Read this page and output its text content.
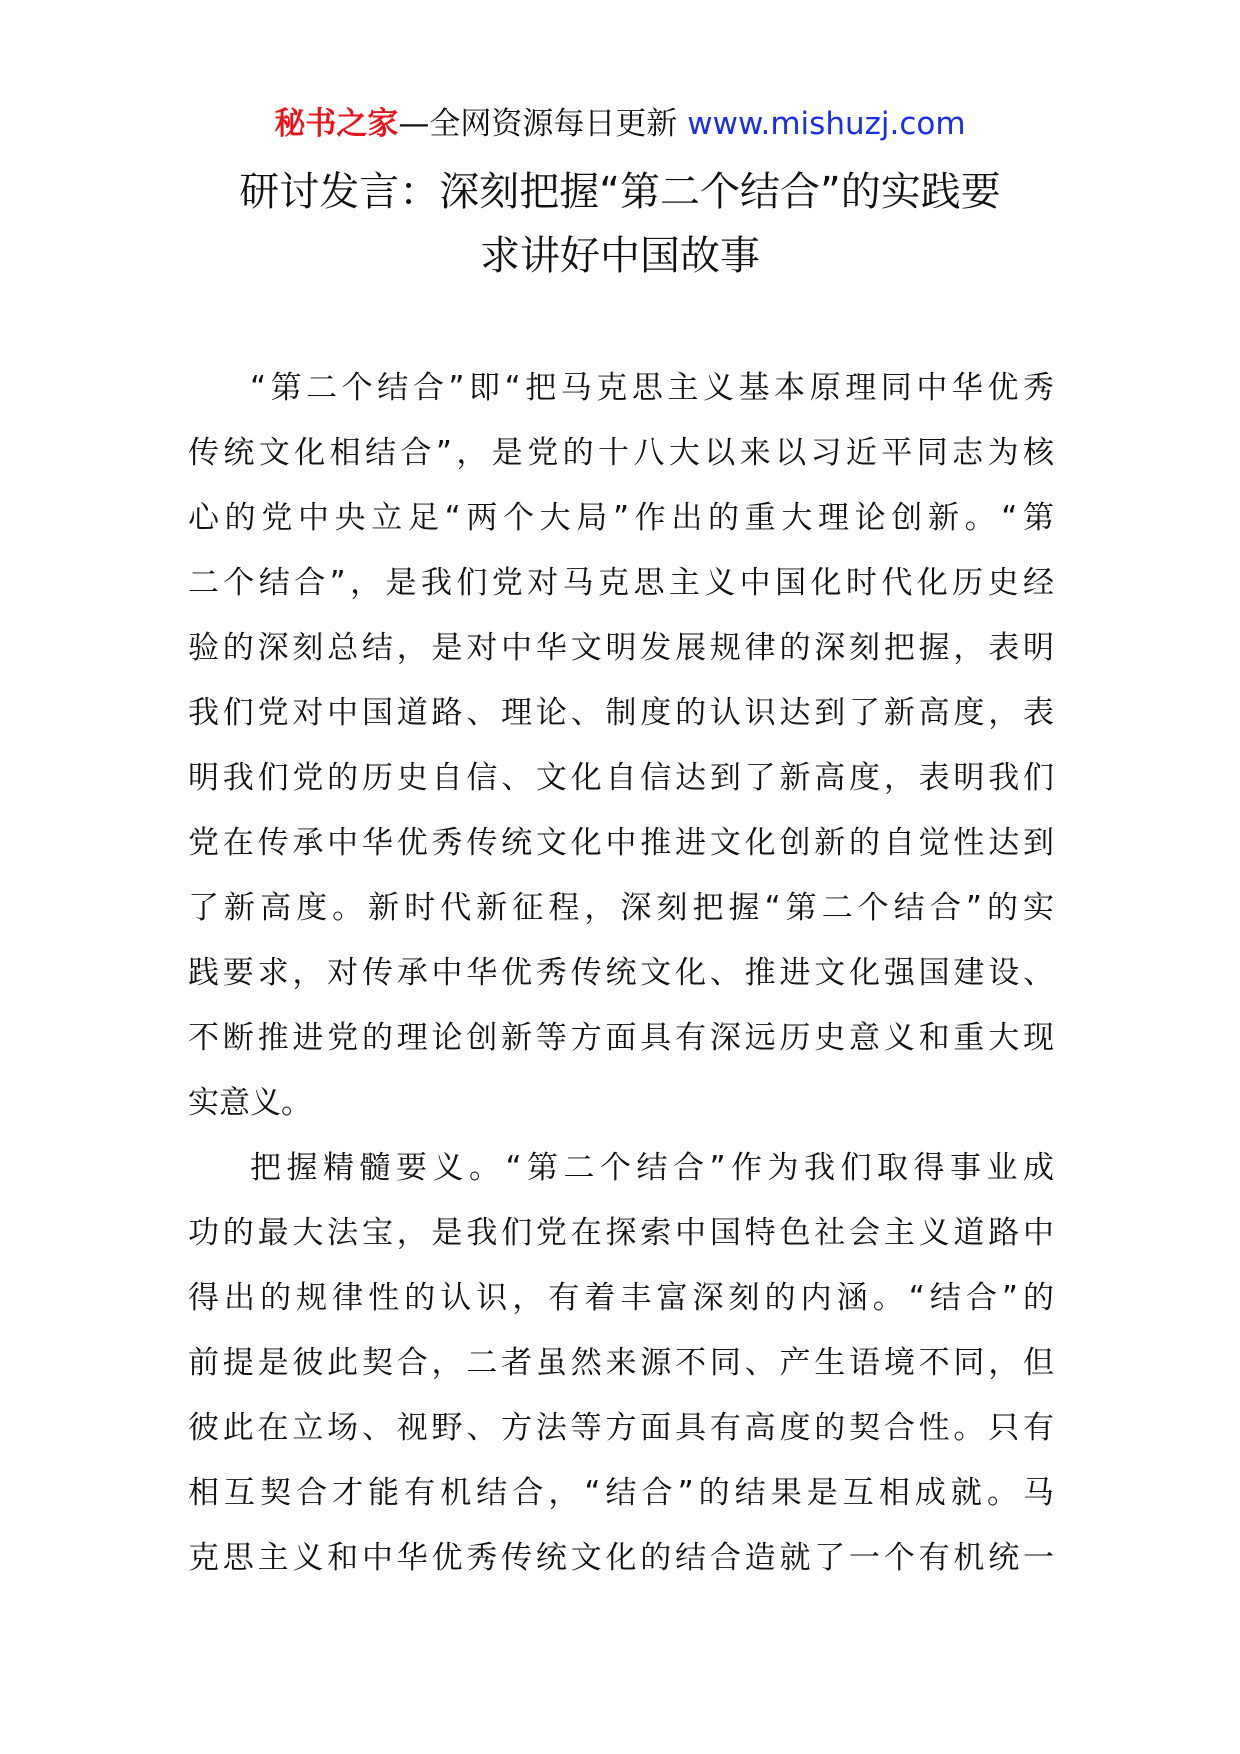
秘书之家—全网资源每日更新 www.mishuzj.com
研讨发言：深刻把握“第二个结合”的实践要
求讲好中国故事
“第二个结合”即“把马克思主义基本原理同中华优秀
传统文化相结合”，是党的十八大以来以习近平同志为核
心的党中央立足“两个大局”作出的重大理论创新。“第
二个结合”，是我们党对马克思主义中国化时代化历史经
验的深刻总结，是对中华文明发展规律的深刻把握，表明
我们党对中国道路、理论、制度的认识达到了新高度，表
明我们党的历史自信、文化自信达到了新高度，表明我们
党在传承中华优秀传统文化中推进文化创新的自觉性达到
了新高度。新时代新征程，深刻把握“第二个结合”的实
践要求，对传承中华优秀传统文化、推进文化强国建设、
不断推进党的理论创新等方面具有深远历史意义和重大现
实意义。
把握精髓要义。“第二个结合”作为我们取得事业成
功的最大法宝，是我们党在探索中国特色社会主义道路中
得出的规律性的认识，有着丰富深刻的内涵。“结合”的
前提是彼此契合，二者虽然来源不同、产生语境不同，但
彼此在立场、视野、方法等方面具有高度的契合性。只有
相互契合才能有机结合，“结合”的结果是互相成就。马
克思主义和中华优秀传统文化的结合造就了一个有机统一
